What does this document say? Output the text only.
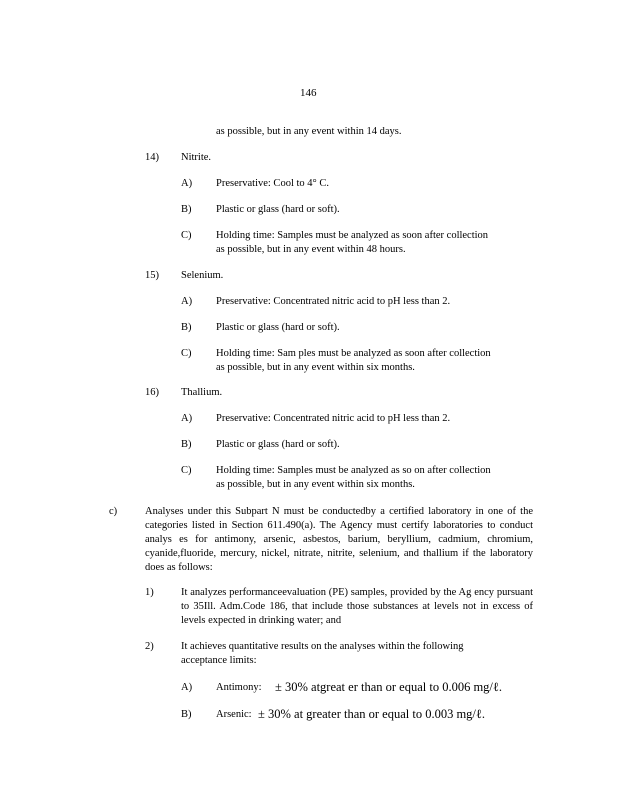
146
as possible, but in any event within 14 days.
14) Nitrite.
A) Preservative: Cool to 4° C.
B) Plastic or glass (hard or soft).
C) Holding time: Samples must be analyzed as soon after collection
as possible, but in any event within 48 hours.
15) Selenium.
A) Preservative: Concentrated nitric acid to pH less than 2.
B) Plastic or glass (hard or soft).
C) Holding time: Sam ples must be analyzed as soon after collection
as possible, but in any event within six months.
16) Thallium.
A) Preservative: Concentrated nitric acid to pH less than 2.
B) Plastic or glass (hard or soft).
C) Holding time: Samples must be analyzed as so on after collection
as possible, but in any event within six months.
c)	Analyses under this Subpart N must be conductedby a certified laboratory in one of the categories listed in Section 611.490(a). The Agency must certify laboratories to conduct analys es for antimony, arsenic, asbestos, barium, beryllium, cadmium, chromium, cyanide,fluoride, mercury, nickel, nitrate, nitrite, selenium, and thallium if the laboratory does as follows:
1)	It analyzes performanceevaluation (PE) samples, provided by the Ag ency pursuant to 35Ill. Adm.Code 186, that include those substances at levels not in excess of levels expected in drinking water; and
2)	It achieves quantitative results on the analyses within the following
acceptance limits:
A) Antimony: ± 30% atgreat er than or equal to 0.006 mg/ℓ.
B) Arsenic: ± 30% at greater than or equal to 0.003 mg/ℓ.
